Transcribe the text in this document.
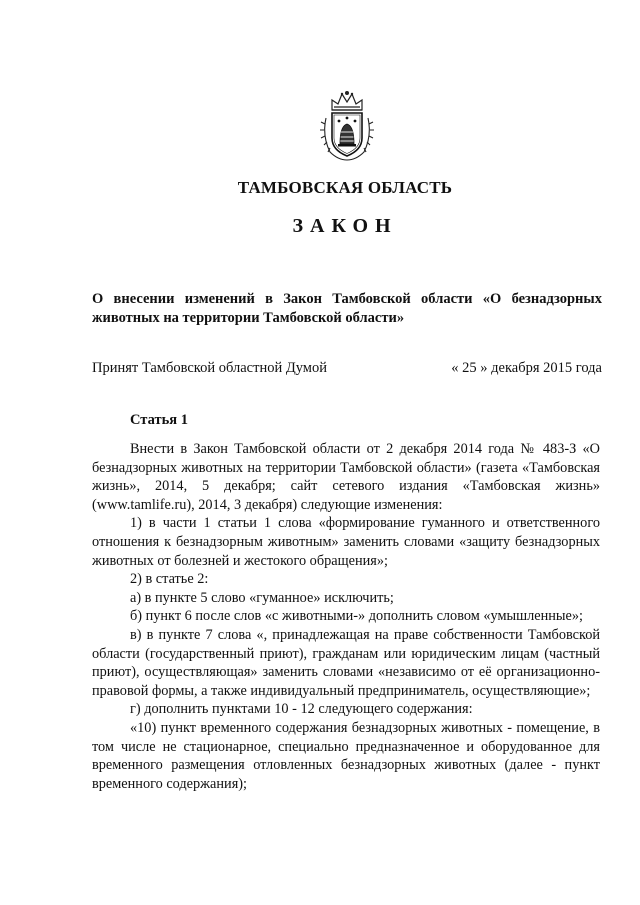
ТАМБОВСКАЯ ОБЛАСТЬ
ЗАКОН
О внесении изменений в Закон Тамбовской области «О безнадзорных животных на территории Тамбовской области»
Принят Тамбовской областной Думой	« 25 » декабря 2015 года
Статья 1

Внести в Закон Тамбовской области от 2 декабря 2014 года № 483-З «О безнадзорных животных на территории Тамбовской области» (газета «Тамбовская жизнь», 2014, 5 декабря; сайт сетевого издания «Тамбовская жизнь» (www.tamlife.ru), 2014, 3 декабря) следующие изменения:

1) в части 1 статьи 1 слова «формирование гуманного и ответственного отношения к безнадзорным животным» заменить словами «защиту безнадзорных животных от болезней и жестокого обращения»;

2) в статье 2:

а) в пункте 5 слово «гуманное» исключить;

б) пункт 6 после слов «с животными-» дополнить словом «умышленные»;

в) в пункте 7 слова «, принадлежащая на праве собственности Тамбовской области (государственный приют), гражданам или юридическим лицам (частный приют), осуществляющая» заменить словами «независимо от её организационно-правовой формы, а также индивидуальный предприниматель, осуществляющие»;

г) дополнить пунктами 10 - 12 следующего содержания:

«10) пункт временного содержания безнадзорных животных - помещение, в том числе не стационарное, специально предназначенное и оборудованное для временного размещения отловленных безнадзорных животных (далее - пункт временного содержания);
